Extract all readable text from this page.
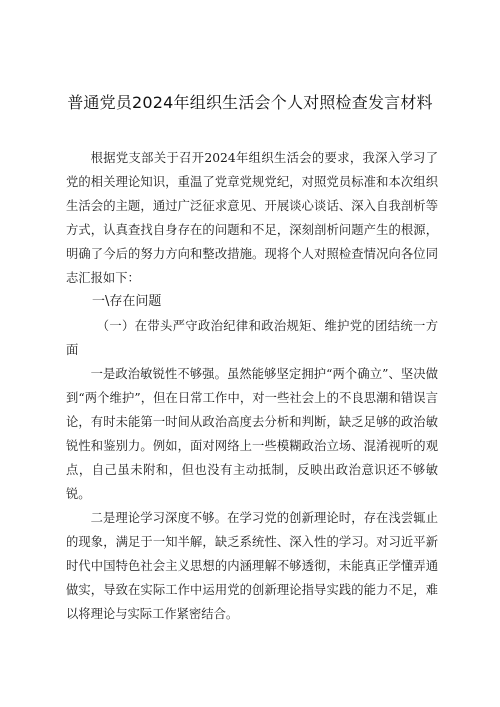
普通党员2024年组织生活会个人对照检查发言材料

根据党支部关于召开2024年组织生活会的要求，我深入学习了党的相关理论知识，重温了党章党规党纪，对照党员标准和本次组织生活会的主题，通过广泛征求意见、开展谈心谈话、深入自我剖析等方式，认真查找自身存在的问题和不足，深刻剖析问题产生的根源，明确了今后的努力方向和整改措施。现将个人对照检查情况向各位同志汇报如下：

一\存在问题

（一）在带头严守政治纪律和政治规矩、维护党的团结统一方面

一是政治敏锐性不够强。虽然能够坚定拥护“两个确立”、坚决做到“两个维护”，但在日常工作中，对一些社会上的不良思潮和错误言论，有时未能第一时间从政治高度去分析和判断，缺乏足够的政治敏锐性和鉴别力。例如，面对网络上一些模糊政治立场、混淆视听的观点，自己虽未附和，但也没有主动抵制，反映出政治意识还不够敏锐。

二是理论学习深度不够。在学习党的创新理论时，存在浅尝辄止的现象，满足于一知半解，缺乏系统性、深入性的学习。对习近平新时代中国特色社会主义思想的内涵理解不够透彻，未能真正学懂弄通做实，导致在实际工作中运用党的创新理论指导实践的能力不足，难以将理论与实际工作紧密结合。
